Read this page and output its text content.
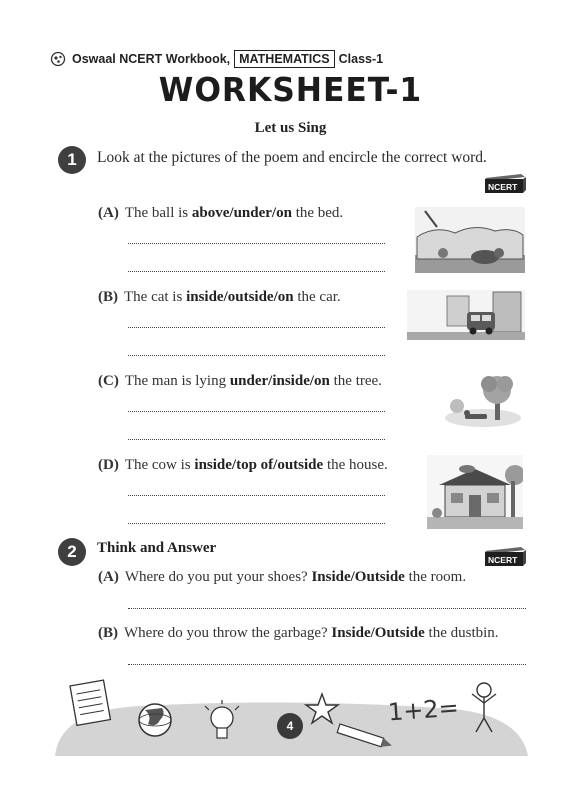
Oswaal NCERT Workbook, MATHEMATICS Class-1
WORKSHEET-1
Let us Sing
1	Look at the pictures of the poem and encircle the correct word.
NCERT
(A) The ball is above/under/on the bed.
(B) The cat is inside/outside/on the car.
(C) The man is lying under/inside/on the tree.
(D) The cow is inside/top of/outside the house.
2	Think and Answer
NCERT
(A) Where do you put your shoes? Inside/Outside the room.
(B) Where do you throw the garbage? Inside/Outside the dustbin.
1+2=
4
